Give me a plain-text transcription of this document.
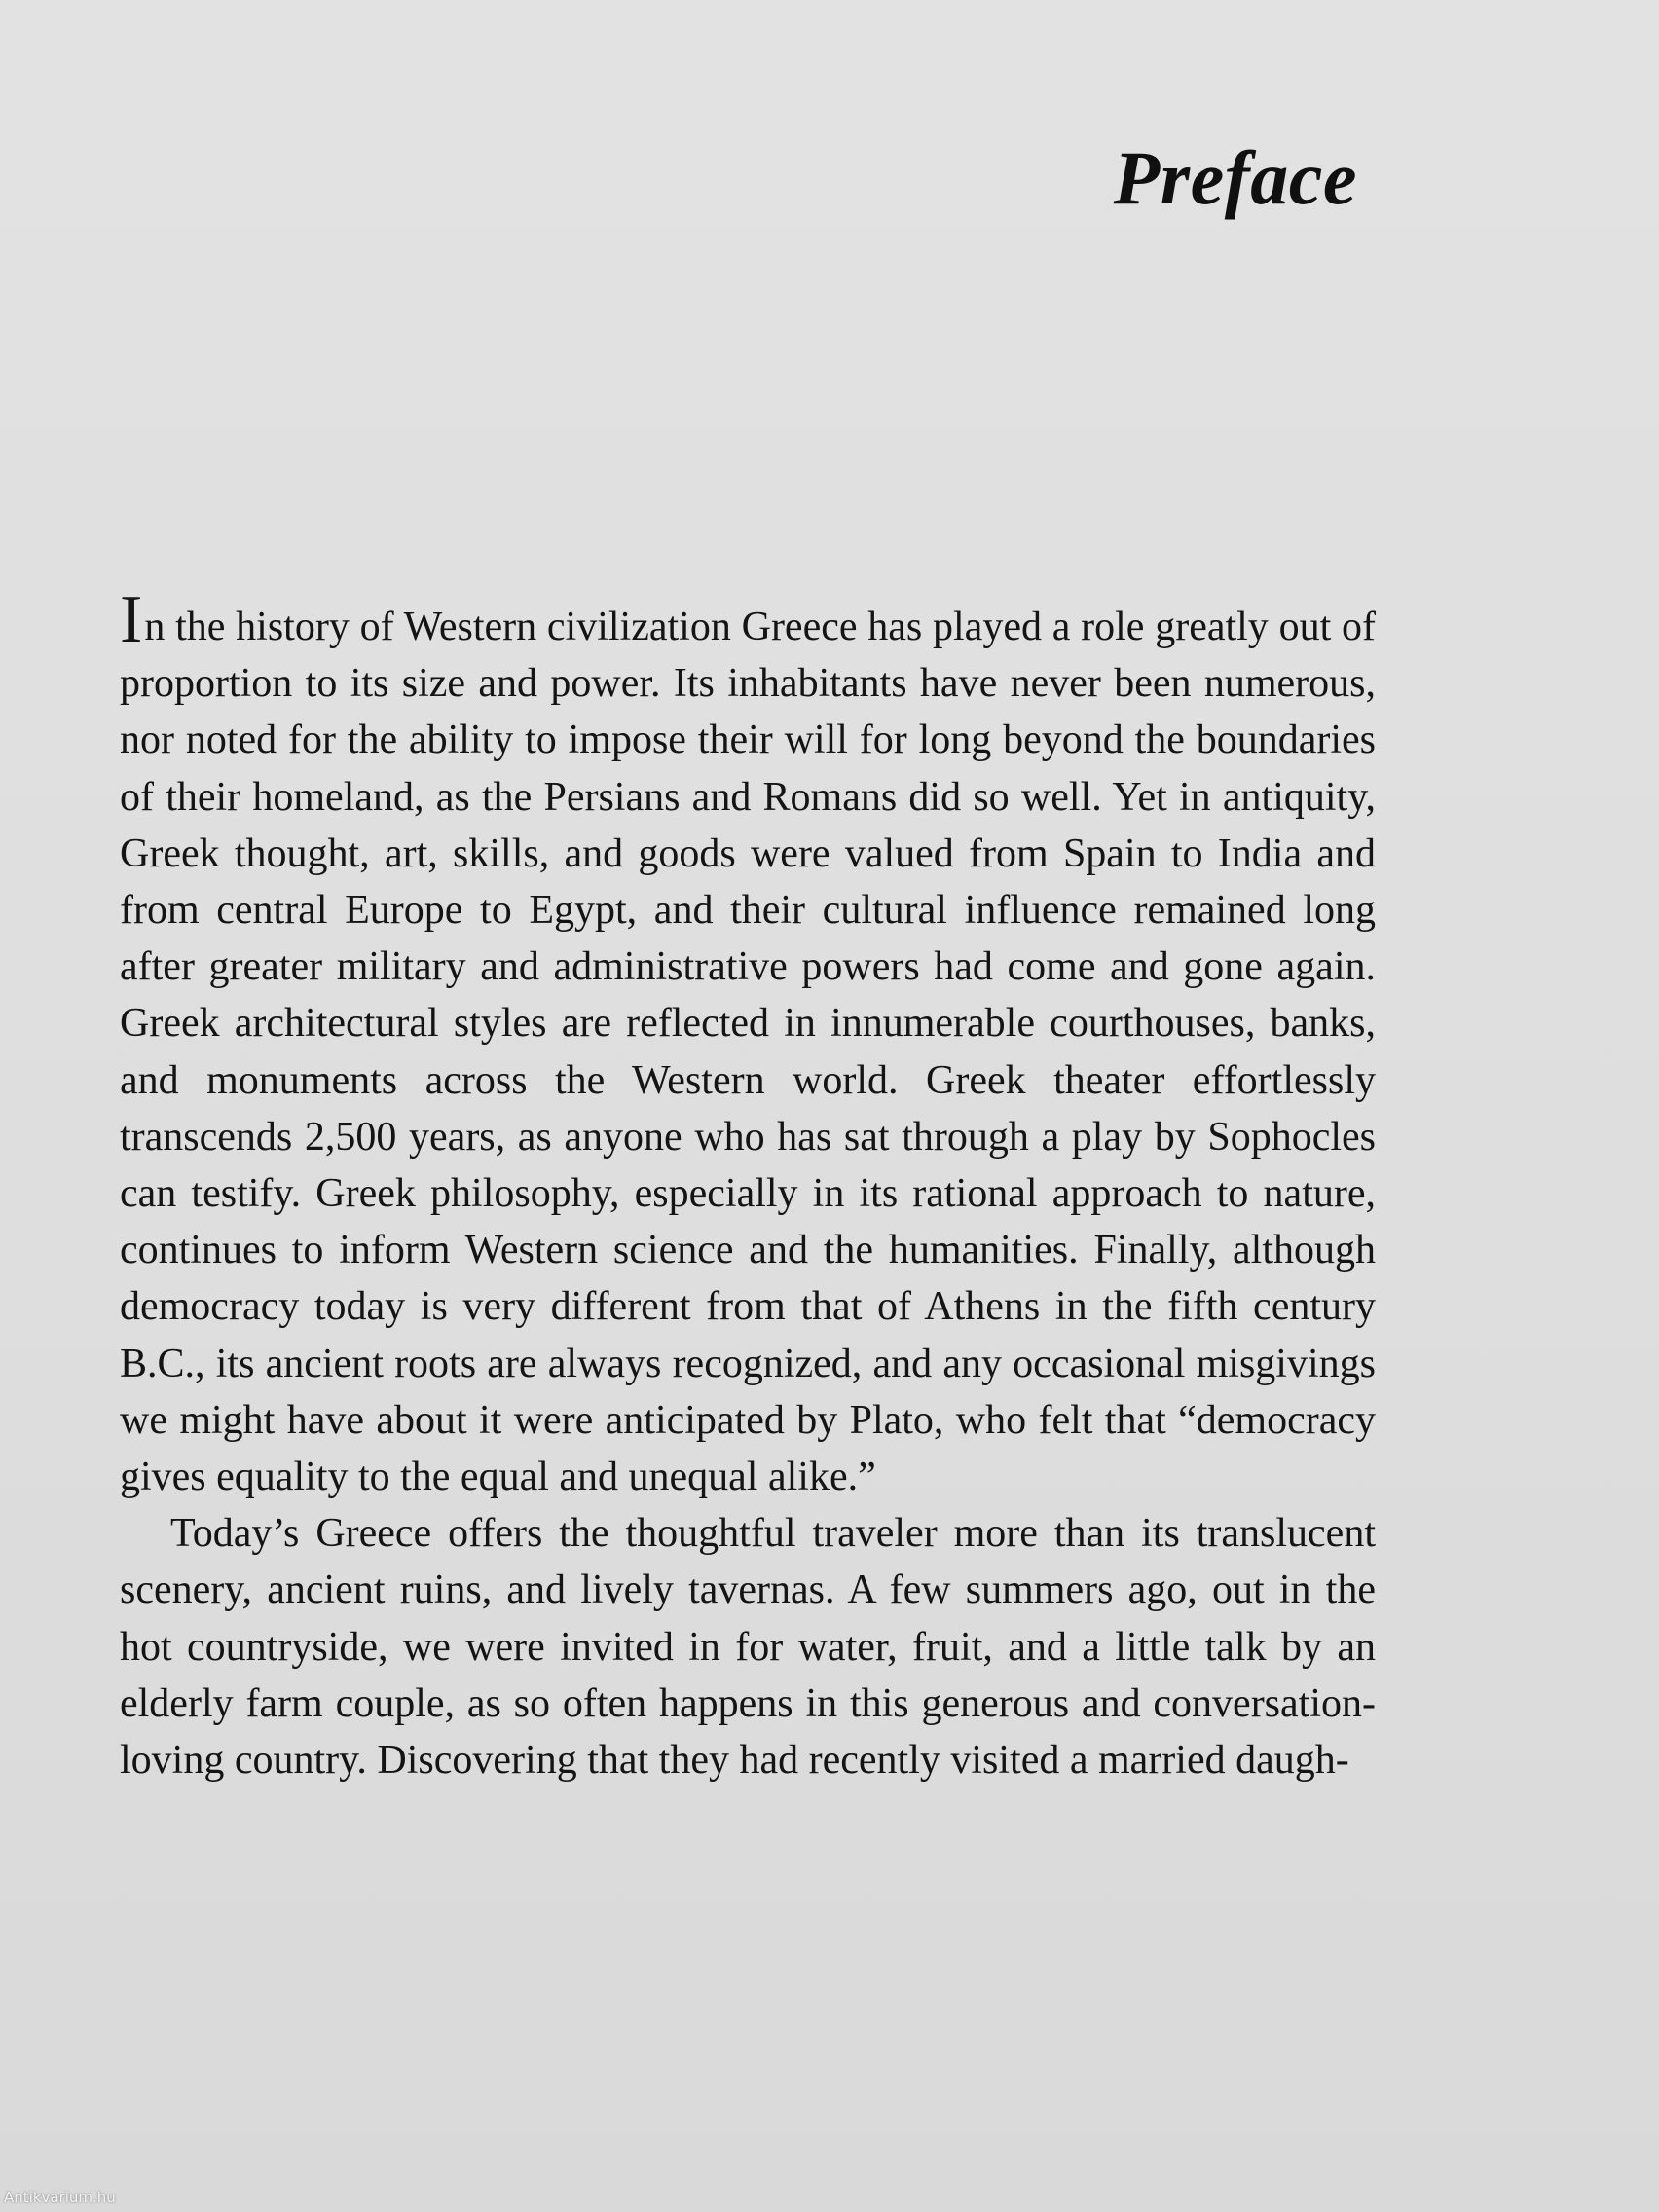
Preface

In the history of Western civilization Greece has played a role greatly out of proportion to its size and power. Its inhabitants have never been numerous, nor noted for the ability to impose their will for long beyond the boundaries of their homeland, as the Persians and Romans did so well. Yet in antiquity, Greek thought, art, skills, and goods were valued from Spain to India and from central Europe to Egypt, and their cultural influence remained long after greater military and administrative powers had come and gone again. Greek architectural styles are reflected in innumerable courthouses, banks, and monuments across the Western world. Greek theater effortlessly transcends 2,500 years, as anyone who has sat through a play by Sophocles can testify. Greek philosophy, especially in its rational approach to nature, continues to inform Western science and the humanities. Finally, although democracy today is very different from that of Athens in the fifth century B.C., its ancient roots are always recognized, and any occasional misgivings we might have about it were anticipated by Plato, who felt that “democracy gives equality to the equal and unequal alike.”

Today’s Greece offers the thoughtful traveler more than its translucent scenery, ancient ruins, and lively tavernas. A few summers ago, out in the hot countryside, we were invited in for water, fruit, and a little talk by an elderly farm couple, as so often happens in this generous and conversation-loving country. Discovering that they had recently visited a married daugh-

Antikvarium.hu
